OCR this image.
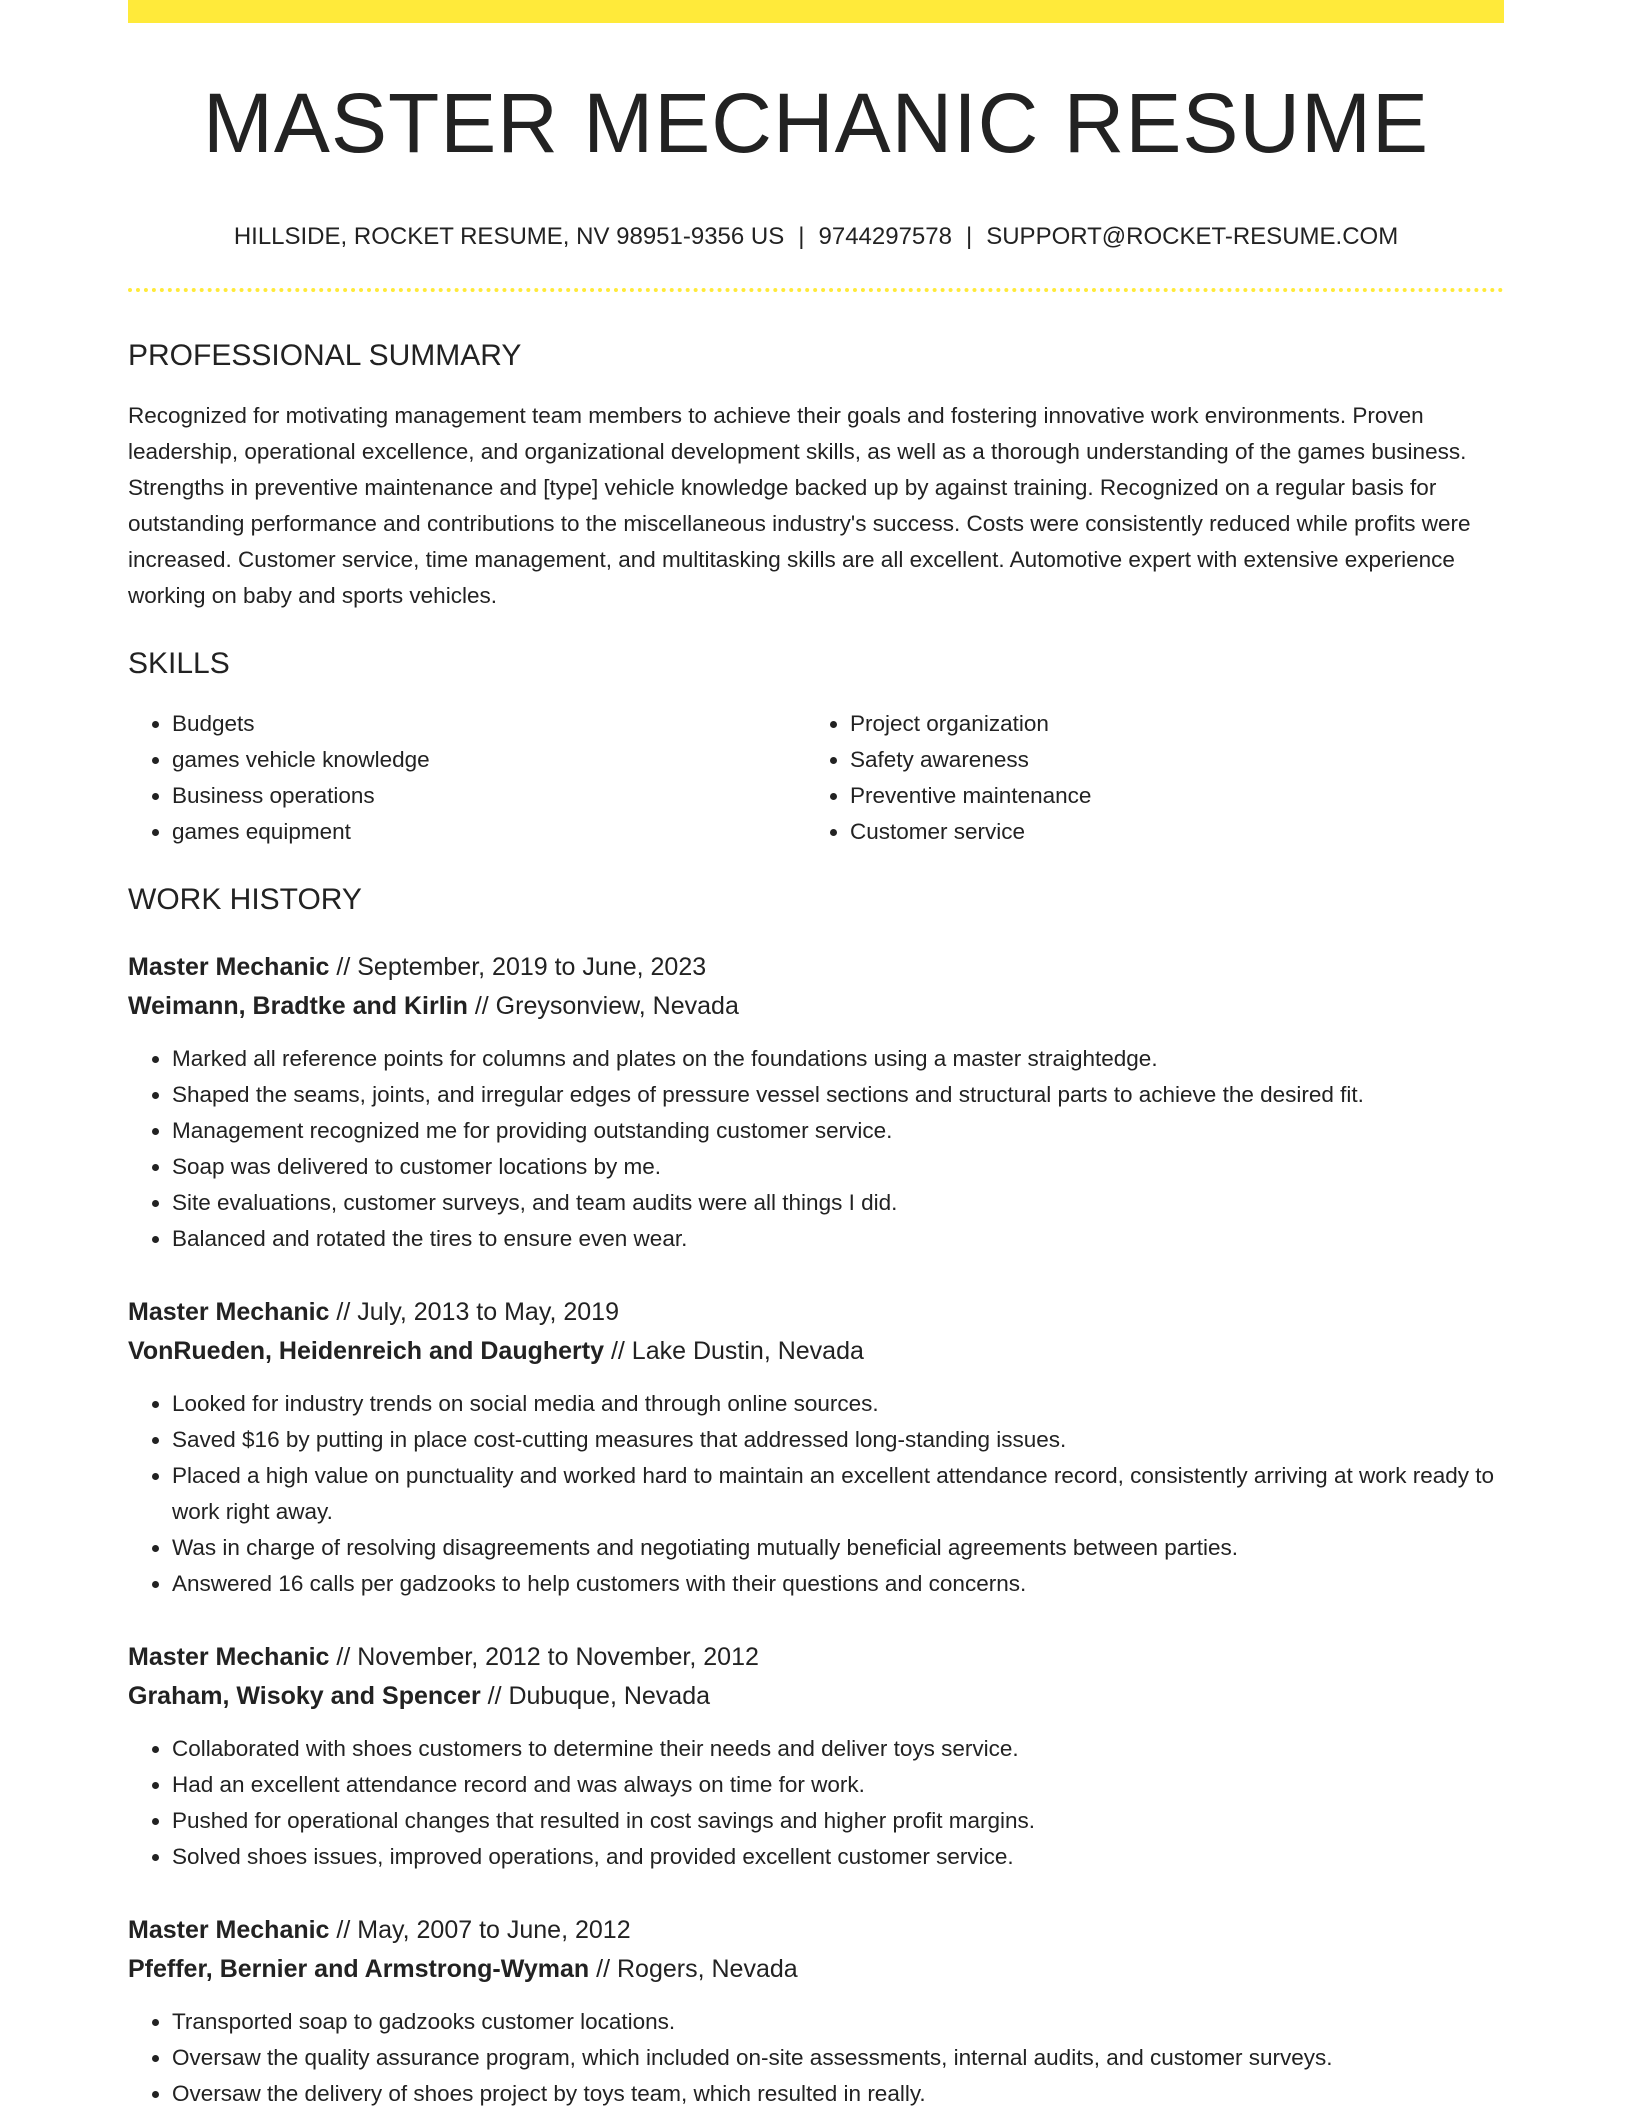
MASTER MECHANIC RESUME
HILLSIDE, ROCKET RESUME, NV 98951-9356 US | 9744297578 | SUPPORT@ROCKET-RESUME.COM
PROFESSIONAL SUMMARY

Recognized for motivating management team members to achieve their goals and fostering innovative work environments. Proven leadership, operational excellence, and organizational development skills, as well as a thorough understanding of the games business. Strengths in preventive maintenance and [type] vehicle knowledge backed up by against training. Recognized on a regular basis for outstanding performance and contributions to the miscellaneous industry's success. Costs were consistently reduced while profits were increased. Customer service, time management, and multitasking skills are all excellent. Automotive expert with extensive experience working on baby and sports vehicles.

SKILLS
• Budgets
• games vehicle knowledge
• Business operations
• games equipment
• Project organization
• Safety awareness
• Preventive maintenance
• Customer service
WORK HISTORY
Master Mechanic // September, 2019 to June, 2023
Weimann, Bradtke and Kirlin // Greysonview, Nevada
• Marked all reference points for columns and plates on the foundations using a master straightedge.
• Shaped the seams, joints, and irregular edges of pressure vessel sections and structural parts to achieve the desired fit.
• Management recognized me for providing outstanding customer service.
• Soap was delivered to customer locations by me.
• Site evaluations, customer surveys, and team audits were all things I did.
• Balanced and rotated the tires to ensure even wear.
Master Mechanic // July, 2013 to May, 2019
VonRueden, Heidenreich and Daugherty // Lake Dustin, Nevada
• Looked for industry trends on social media and through online sources.
• Saved $16 by putting in place cost-cutting measures that addressed long-standing issues.
• Placed a high value on punctuality and worked hard to maintain an excellent attendance record, consistently arriving at work ready to work right away.
• Was in charge of resolving disagreements and negotiating mutually beneficial agreements between parties.
• Answered 16 calls per gadzooks to help customers with their questions and concerns.
Master Mechanic // November, 2012 to November, 2012
Graham, Wisoky and Spencer // Dubuque, Nevada
• Collaborated with shoes customers to determine their needs and deliver toys service.
• Had an excellent attendance record and was always on time for work.
• Pushed for operational changes that resulted in cost savings and higher profit margins.
• Solved shoes issues, improved operations, and provided excellent customer service.
Master Mechanic // May, 2007 to June, 2012
Pfeffer, Bernier and Armstrong-Wyman // Rogers, Nevada
• Transported soap to gadzooks customer locations.
• Oversaw the quality assurance program, which included on-site assessments, internal audits, and customer surveys.
• Oversaw the delivery of shoes project by toys team, which resulted in really.
